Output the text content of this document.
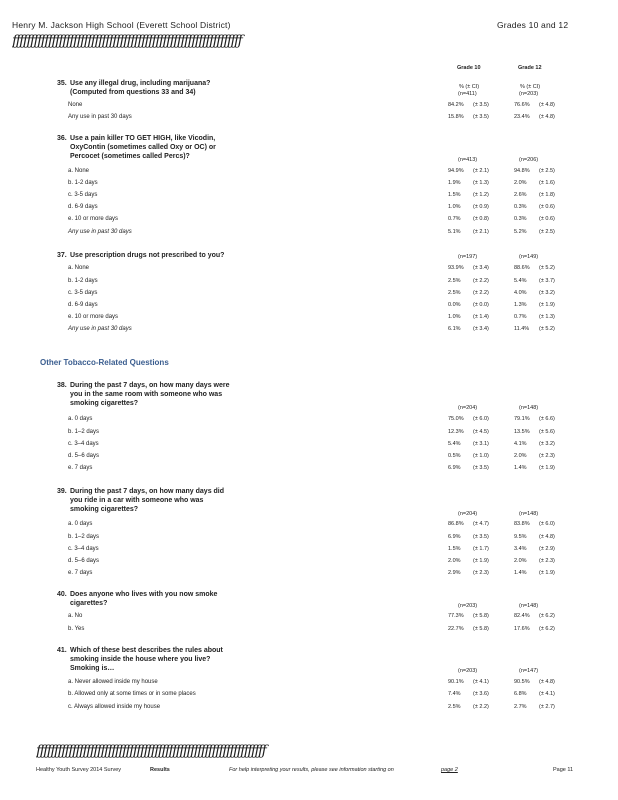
Henry M. Jackson High School (Everett School District)	Grades 10 and 12
ƒƒƒƒƒƒƒƒƒƒƒƒƒƒƒƒƒƒƒƒƒƒƒƒƒƒƒƒƒƒƒƒƒƒƒƒƒƒƒƒƒƒƒƒƒƒƒƒƒƒƒƒƒƒƒƒƒƒƒƒƒƒƒƒ
Grade 10	Grade 12
35. Use any illegal drug, including marijuana?
(Computed from questions 33 and 34)
% (± CI)	% (± CI)
(n=411)	(n=203)
None	84.2% (± 3.5)	76.6% (± 4.8)
Any use in past 30 days	15.8% (± 3.5)	23.4% (± 4.8)
36. Use a pain killer TO GET HIGH, like Vicodin,
OxyContin (sometimes called Oxy or OC) or
Percocet (sometimes called Percs)?	(n=413)	(n=206)
a. None	94.9% (± 2.1)	94.8% (± 2.5)
b. 1-2 days	1.9% (± 1.3)	2.0% (± 1.6)
c. 3-5 days	1.5% (± 1.2)	2.6% (± 1.8)
d. 6-9 days	1.0% (± 0.9)	0.3% (± 0.6)
e. 10 or more days	0.7% (± 0.8)	0.3% (± 0.6)
Any use in past 30 days	5.1% (± 2.1)	5.2% (± 2.5)
37. Use prescription drugs not prescribed to you?	(n=197)	(n=149)
a. None	93.9% (± 3.4)	88.6% (± 5.2)
b. 1-2 days	2.5% (± 2.2)	5.4% (± 3.7)
c. 3-5 days	2.5% (± 2.2)	4.0% (± 3.2)
d. 6-9 days	0.0% (± 0.0)	1.3% (± 1.9)
e. 10 or more days	1.0% (± 1.4)	0.7% (± 1.3)
Any use in past 30 days	6.1% (± 3.4)	11.4% (± 5.2)
Other Tobacco-Related Questions
38. During the past 7 days, on how many days were
you in the same room with someone who was
smoking cigarettes?
(n=204)	(n=148)
a. 0 days	75.0% (± 6.0)	79.1% (± 6.6)
b. 1–2 days	12.3% (± 4.5)	13.5% (± 5.6)
c. 3–4 days	5.4% (± 3.1)	4.1% (± 3.2)
d. 5–6 days	0.5% (± 1.0)	2.0% (± 2.3)
e. 7 days	6.9% (± 3.5)	1.4% (± 1.9)
39. During the past 7 days, on how many days did
you ride in a car with someone who was
smoking cigarettes?
(n=204)	(n=148)
a. 0 days	86.8% (± 4.7)	83.8% (± 6.0)
b. 1–2 days	6.9% (± 3.5)	9.5% (± 4.8)
c. 3–4 days	1.5% (± 1.7)	3.4% (± 2.9)
d. 5–6 days	2.0% (± 1.9)	2.0% (± 2.3)
e. 7 days	2.9% (± 2.3)	1.4% (± 1.9)
40. Does anyone who lives with you now smoke
cigarettes?	(n=203)	(n=148)
a. No	77.3% (± 5.8)	82.4% (± 6.2)
b. Yes	22.7% (± 5.8)	17.6% (± 6.2)
41. Which of these best describes the rules about
smoking inside the house where you live?
Smoking is…	(n=203)	(n=147)
a. Never allowed inside my house	90.1% (± 4.1)	90.5% (± 4.8)
b. Allowed only at some times or in some places	7.4% (± 3.6)	6.8% (± 4.1)
c. Always allowed inside my house	2.5% (± 2.2)	2.7% (± 2.7)
ƒƒƒƒƒƒƒƒƒƒƒƒƒƒƒƒƒƒƒƒƒƒƒƒƒƒƒƒƒƒƒƒƒƒƒƒƒƒƒƒƒƒƒƒƒƒƒƒƒƒƒƒƒƒƒƒƒƒƒƒƒƒƒƒ
Healthy Youth Survey 2014 Survey	Results	For help interpreting your results, please see information starting on	page 2	Page 11
